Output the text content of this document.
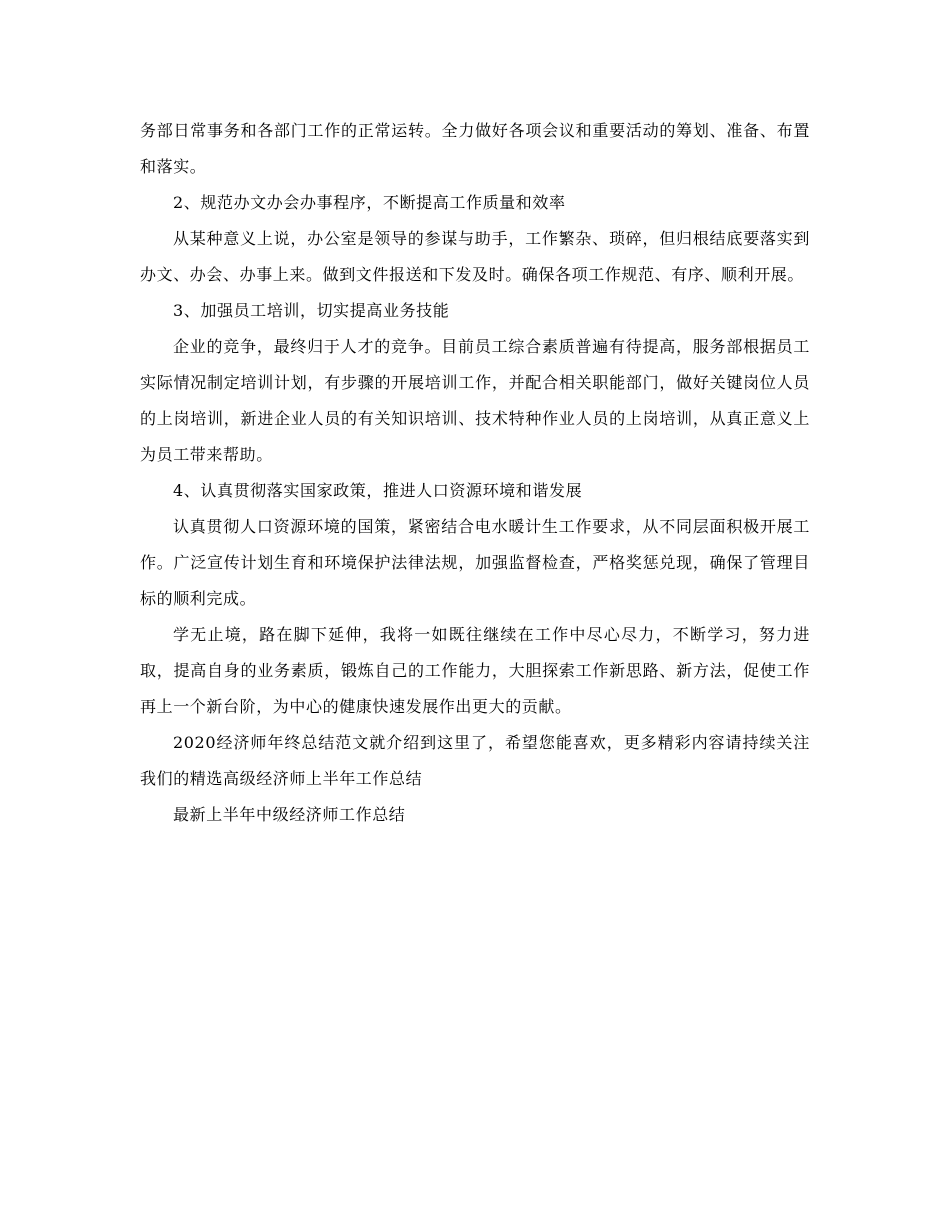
务部日常事务和各部门工作的正常运转。全力做好各项会议和重要活动的筹划、准备、布置和落实。

2、规范办文办会办事程序，不断提高工作质量和效率

从某种意义上说，办公室是领导的参谋与助手，工作繁杂、琐碎，但归根结底要落实到办文、办会、办事上来。做到文件报送和下发及时。确保各项工作规范、有序、顺利开展。

3、加强员工培训，切实提高业务技能

企业的竞争，最终归于人才的竞争。目前员工综合素质普遍有待提高，服务部根据员工实际情况制定培训计划，有步骤的开展培训工作，并配合相关职能部门，做好关键岗位人员的上岗培训，新进企业人员的有关知识培训、技术特种作业人员的上岗培训，从真正意义上为员工带来帮助。

4、认真贯彻落实国家政策，推进人口资源环境和谐发展

认真贯彻人口资源环境的国策，紧密结合电水暖计生工作要求，从不同层面积极开展工作。广泛宣传计划生育和环境保护法律法规，加强监督检查，严格奖惩兑现，确保了管理目标的顺利完成。

学无止境，路在脚下延伸，我将一如既往继续在工作中尽心尽力，不断学习，努力进取，提高自身的业务素质，锻炼自己的工作能力，大胆探索工作新思路、新方法，促使工作再上一个新台阶，为中心的健康快速发展作出更大的贡献。

2020经济师年终总结范文就介绍到这里了，希望您能喜欢，更多精彩内容请持续关注我们的精选高级经济师上半年工作总结

最新上半年中级经济师工作总结
